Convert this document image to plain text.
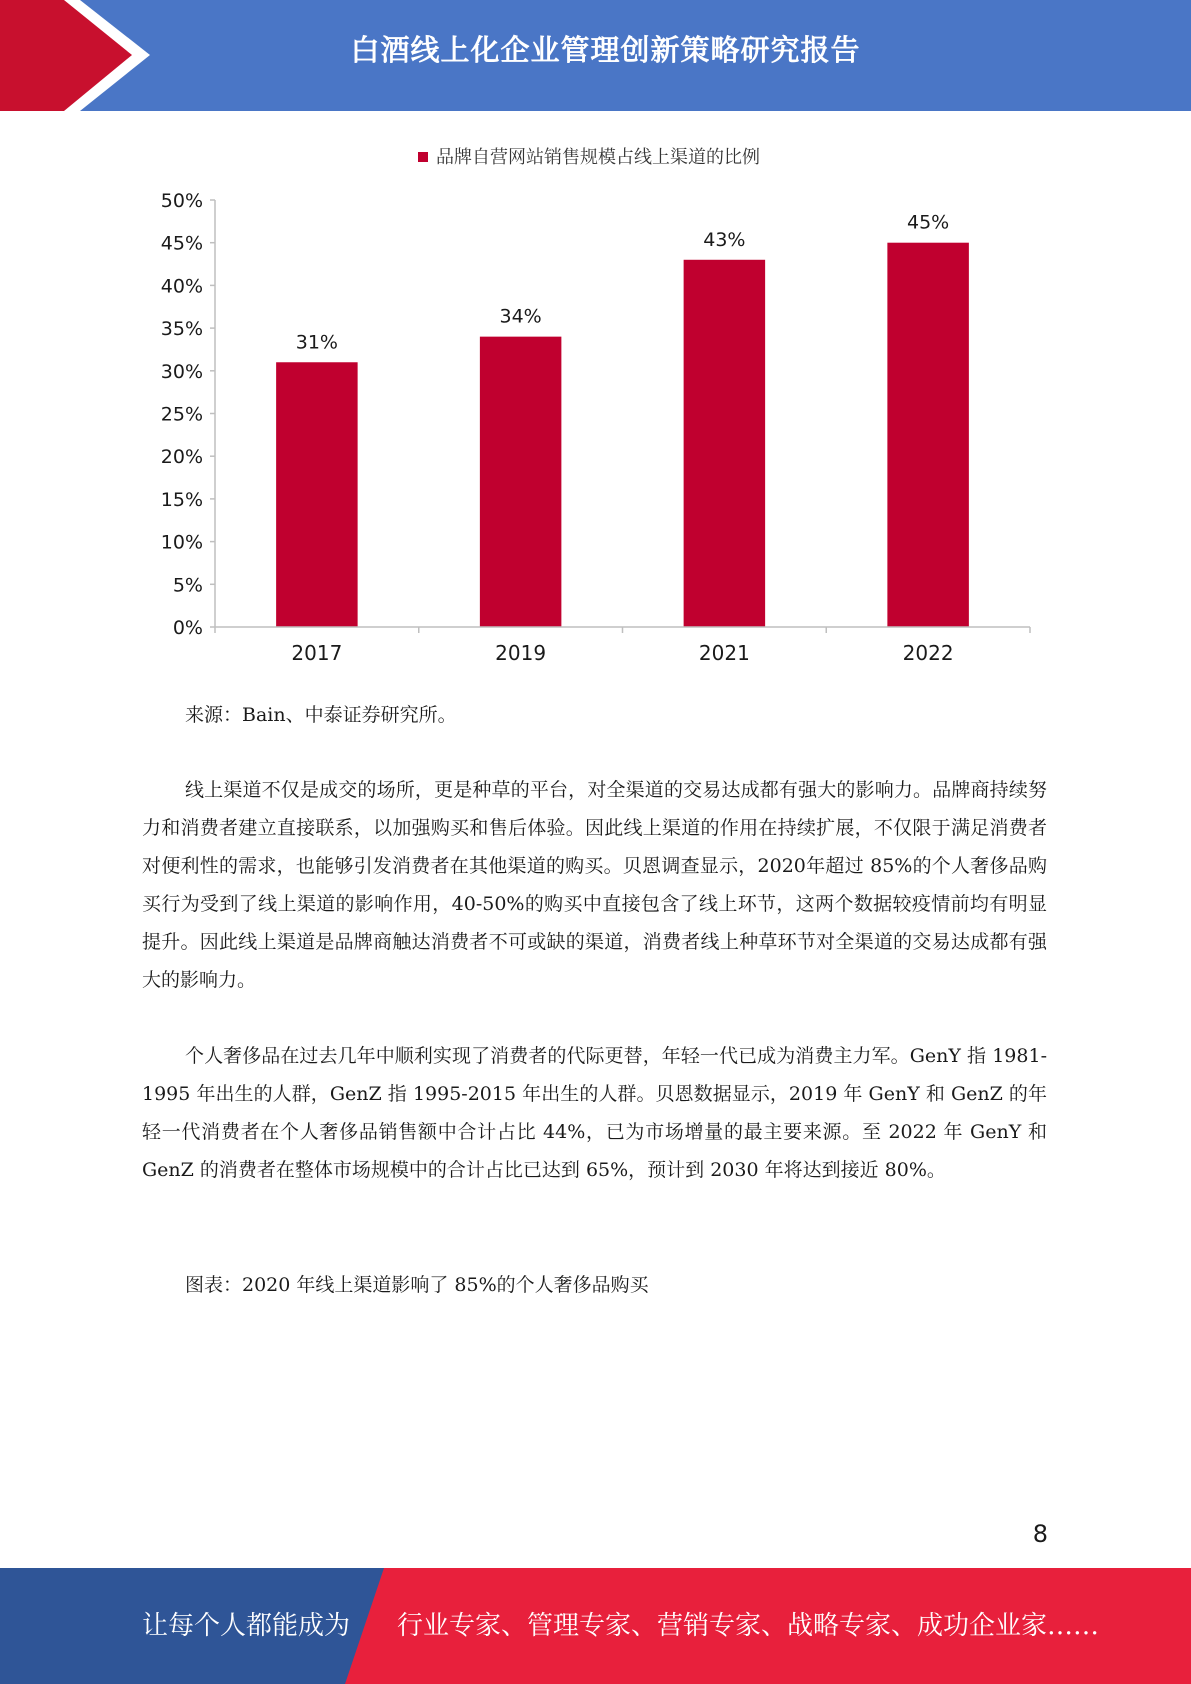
白酒线上化企业管理创新策略研究报告
品牌自营网站销售规模占线上渠道的比例
0%
5%
10%
15%
20%
25%
30%
35%
40%
45%
50%
31%
34%
43%
45%
2017	2019	2021	2022
来源：Bain、中泰证券研究所。

线上渠道不仅是成交的场所，更是种草的平台，对全渠道的交易达成都有强大的影响力。品牌商持续努力和消费者建立直接联系，以加强购买和售后体验。因此线上渠道的作用在持续扩展，不仅限于满足消费者对便利性的需求，也能够引发消费者在其他渠道的购买。贝恩调查显示，2020年超过 85%的个人奢侈品购买行为受到了线上渠道的影响作用，40-50%的购买中直接包含了线上环节，这两个数据较疫情前均有明显提升。因此线上渠道是品牌商触达消费者不可或缺的渠道，消费者线上种草环节对全渠道的交易达成都有强大的影响力。

个人奢侈品在过去几年中顺利实现了消费者的代际更替，年轻一代已成为消费主力军。GenY 指 1981-1995 年出生的人群，GenZ 指 1995-2015 年出生的人群。贝恩数据显示，2019 年 GenY 和 GenZ 的年轻一代消费者在个人奢侈品销售额中合计占比 44%，已为市场增量的最主要来源。至 2022 年 GenY 和 GenZ 的消费者在整体市场规模中的合计占比已达到 65%，预计到 2030 年将达到接近 80%。

图表：2020 年线上渠道影响了 85%的个人奢侈品购买
8
让每个人都能成为 行业专家、管理专家、营销专家、战略专家、成功企业家……
